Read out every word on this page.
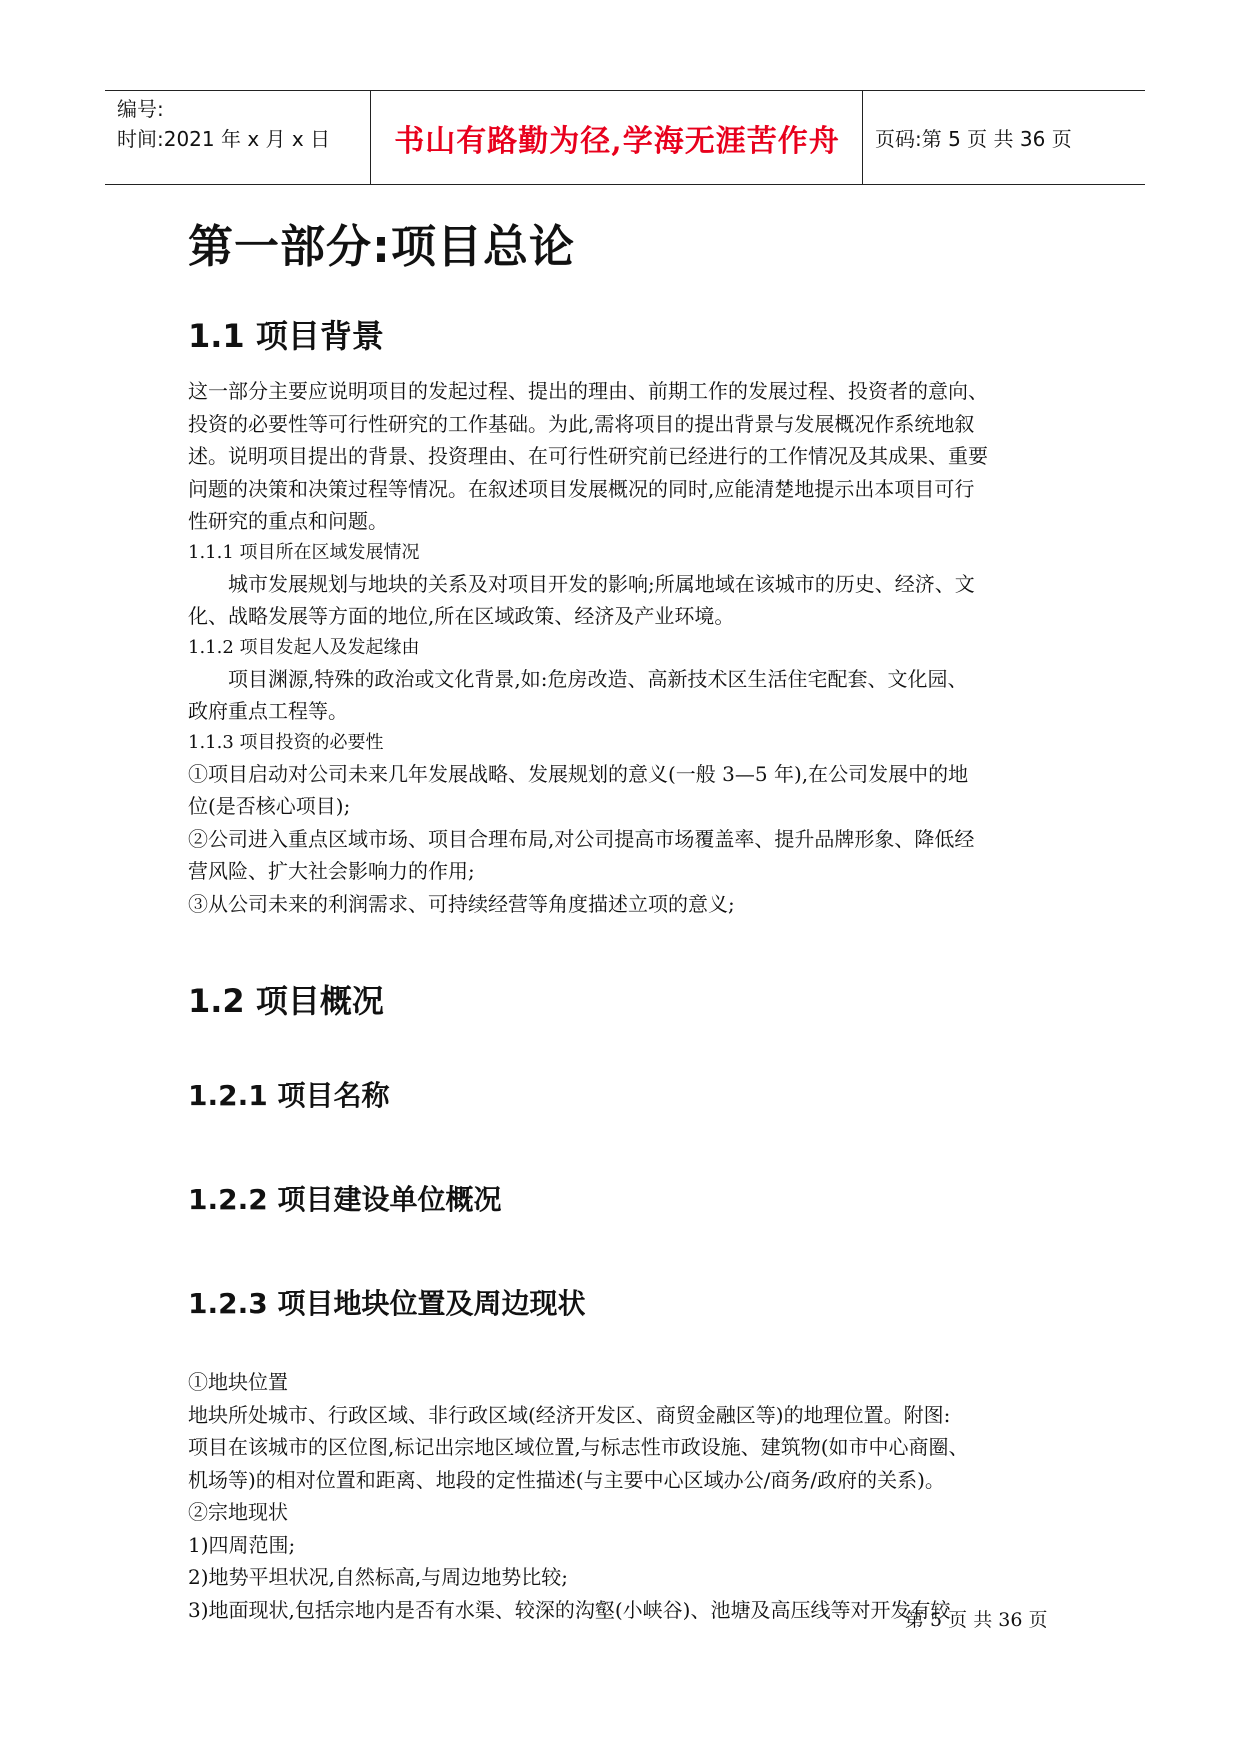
编号:
时间:2021 年 x 月 x 日	书山有路勤为径,学海无涯苦作舟	页码:第 5 页 共 36 页
第一部分:项目总论
1.1 项目背景

这一部分主要应说明项目的发起过程、提出的理由、前期工作的发展过程、投资者的意向、

投资的必要性等可行性研究的工作基础。为此,需将项目的提出背景与发展概况作系统地叙

述。说明项目提出的背景、投资理由、在可行性研究前已经进行的工作情况及其成果、重要

问题的决策和决策过程等情况。在叙述项目发展概况的同时,应能清楚地提示出本项目可行

性研究的重点和问题。

1.1.1 项目所在区域发展情况

城市发展规划与地块的关系及对项目开发的影响;所属地域在该城市的历史、经济、文

化、战略发展等方面的地位,所在区域政策、经济及产业环境。

1.1.2 项目发起人及发起缘由

项目渊源,特殊的政治或文化背景,如:危房改造、高新技术区生活住宅配套、文化园、

政府重点工程等。

1.1.3 项目投资的必要性

①项目启动对公司未来几年发展战略、发展规划的意义(一般 3—5 年),在公司发展中的地

位(是否核心项目);

②公司进入重点区域市场、项目合理布局,对公司提高市场覆盖率、提升品牌形象、降低经

营风险、扩大社会影响力的作用;

③从公司未来的利润需求、可持续经营等角度描述立项的意义;

1.2 项目概况
1.2.1 项目名称
1.2.2 项目建设单位概况
1.2.3 项目地块位置及周边现状

①地块位置

地块所处城市、行政区域、非行政区域(经济开发区、商贸金融区等)的地理位置。附图:

项目在该城市的区位图,标记出宗地区域位置,与标志性市政设施、建筑物(如市中心商圈、

机场等)的相对位置和距离、地段的定性描述(与主要中心区域办公/商务/政府的关系)。

②宗地现状

1)四周范围;

2)地势平坦状况,自然标高,与周边地势比较;

3)地面现状,包括宗地内是否有水渠、较深的沟壑(小峡谷)、池塘及高压线等对开发有较

第 5 页 共 36 页
